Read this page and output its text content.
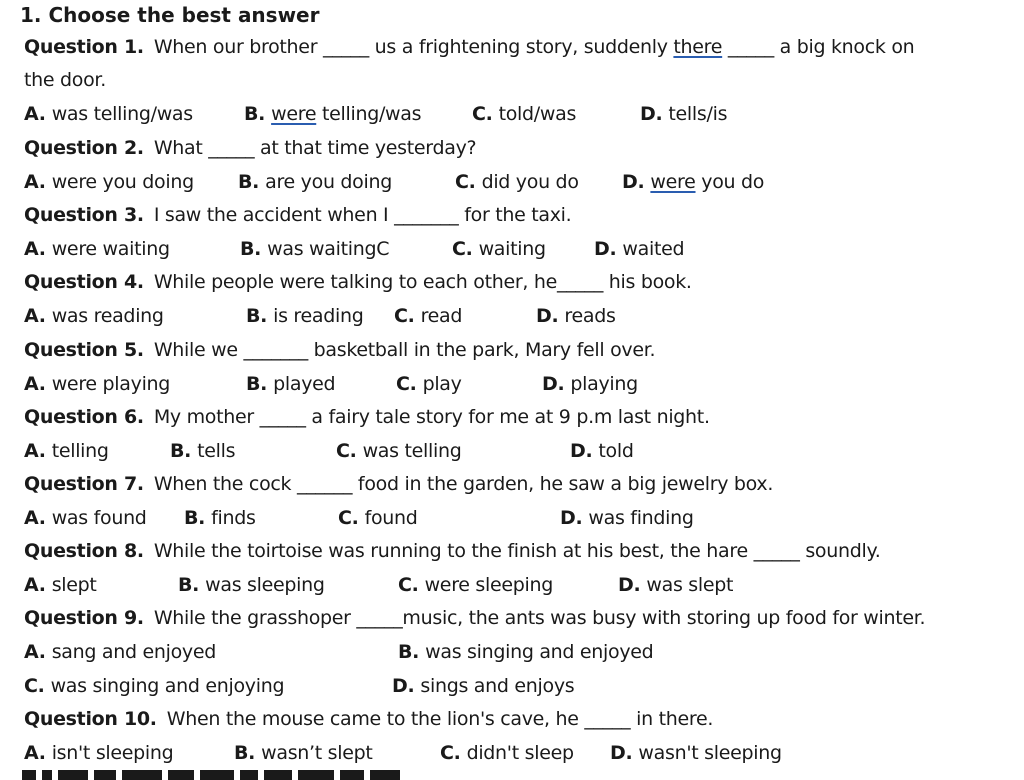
1. Choose the best answer
Question 1. When our brother _____ us a frightening story, suddenly there _____ a big knock on
the door.
A. was telling/was	B. were telling/was	C. told/was	D. tells/is
Question 2. What _____ at that time yesterday?
A. were you doing B. are you doing	C. did you do D. were you do
Question 3. I saw the accident when I _______ for the taxi.
A. were waiting	B. was waitingC	C. waiting	D. waited
Question 4. While people were talking to each other, he_____ his book.
A. was reading	B. is reading C. read	D. reads
Question 5. While we _______ basketball in the park, Mary fell over.
A. were playing	B. played	C. play	D. playing
Question 6. My mother _____ a fairy tale story for me at 9 p.m last night.
A. telling	B. tells	C. was telling	D. told
Question 7. When the cock ______ food in the garden, he saw a big jewelry box.
A. was found B. finds	C. found	D. was finding
Question 8. While the toirtoise was running to the finish at his best, the hare _____ soundly.
A. slept	B. was sleeping	C. were sleeping	D. was slept
Question 9. While the grasshoper _____music, the ants was busy with storing up food for winter.
A. sang and enjoyed	B. was singing and enjoyed
C. was singing and enjoying	D. sings and enjoys
Question 10. When the mouse came to the lion's cave, he _____ in there.
A. isn't sleeping	B. wasn’t slept	C. didn't sleep D. wasn't sleeping
